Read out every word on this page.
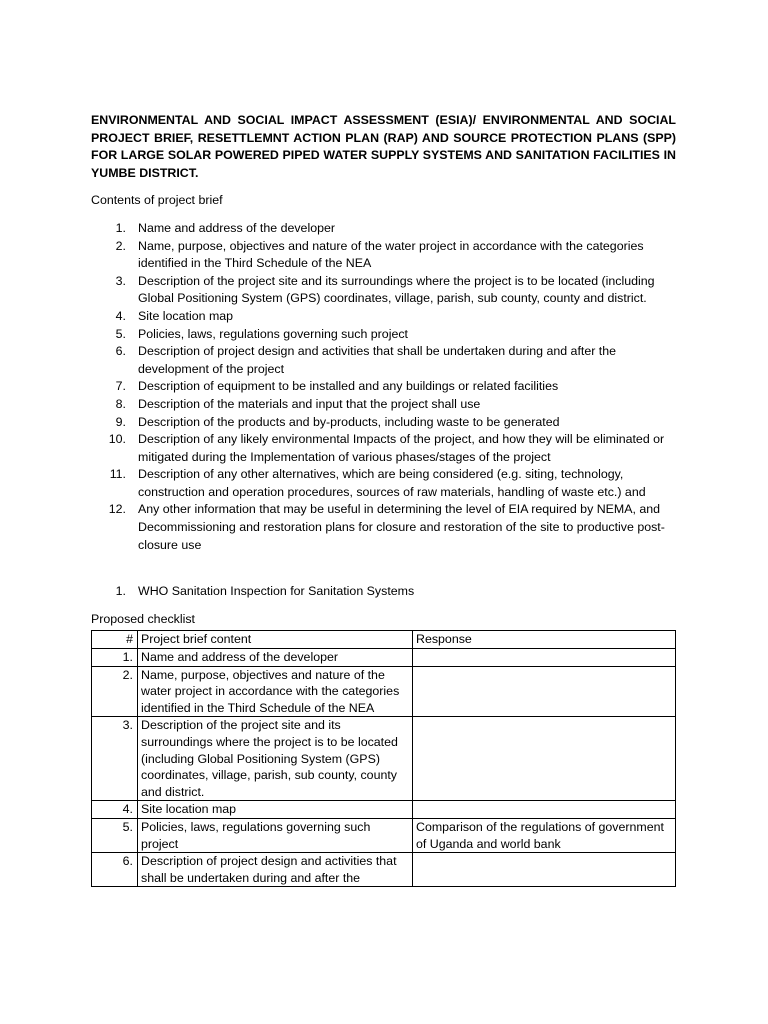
ENVIRONMENTAL AND SOCIAL IMPACT ASSESSMENT (ESIA)/ ENVIRONMENTAL AND SOCIAL PROJECT BRIEF, RESETTLEMNT ACTION PLAN (RAP) AND SOURCE PROTECTION PLANS (SPP) FOR LARGE SOLAR POWERED PIPED WATER SUPPLY SYSTEMS AND SANITATION FACILITIES IN YUMBE DISTRICT.

Contents of project brief

1. Name and address of the developer
2. Name, purpose, objectives and nature of the water project in accordance with the categories identified in the Third Schedule of the NEA
3. Description of the project site and its surroundings where the project is to be located (including Global Positioning System (GPS) coordinates, village, parish, sub county, county and district.
4. Site location map
5. Policies, laws, regulations governing such project
6. Description of project design and activities that shall be undertaken during and after the development of the project
7. Description of equipment to be installed and any buildings or related facilities
8. Description of the materials and input that the project shall use
9. Description of the products and by-products, including waste to be generated
10. Description of any likely environmental Impacts of the project, and how they will be eliminated or mitigated during the Implementation of various phases/stages of the project
11. Description of any other alternatives, which are being considered (e.g. siting, technology, construction and operation procedures, sources of raw materials, handling of waste etc.) and
12. Any other information that may be useful in determining the level of EIA required by NEMA, and Decommissioning and restoration plans for closure and restoration of the site to productive post-closure use
1. WHO Sanitation Inspection for Sanitation Systems

Proposed checklist

#	Project brief content	Response
1.	Name and address of the developer	
2.	Name, purpose, objectives and nature of the water project in accordance with the categories identified in the Third Schedule of the NEA	
3.	Description of the project site and its surroundings where the project is to be located (including Global Positioning System (GPS) coordinates, village, parish, sub county, county and district.	
4.	Site location map	
5.	Policies, laws, regulations governing such project	Comparison of the regulations of government of Uganda and world bank
6.	Description of project design and activities that shall be undertaken during and after the	
